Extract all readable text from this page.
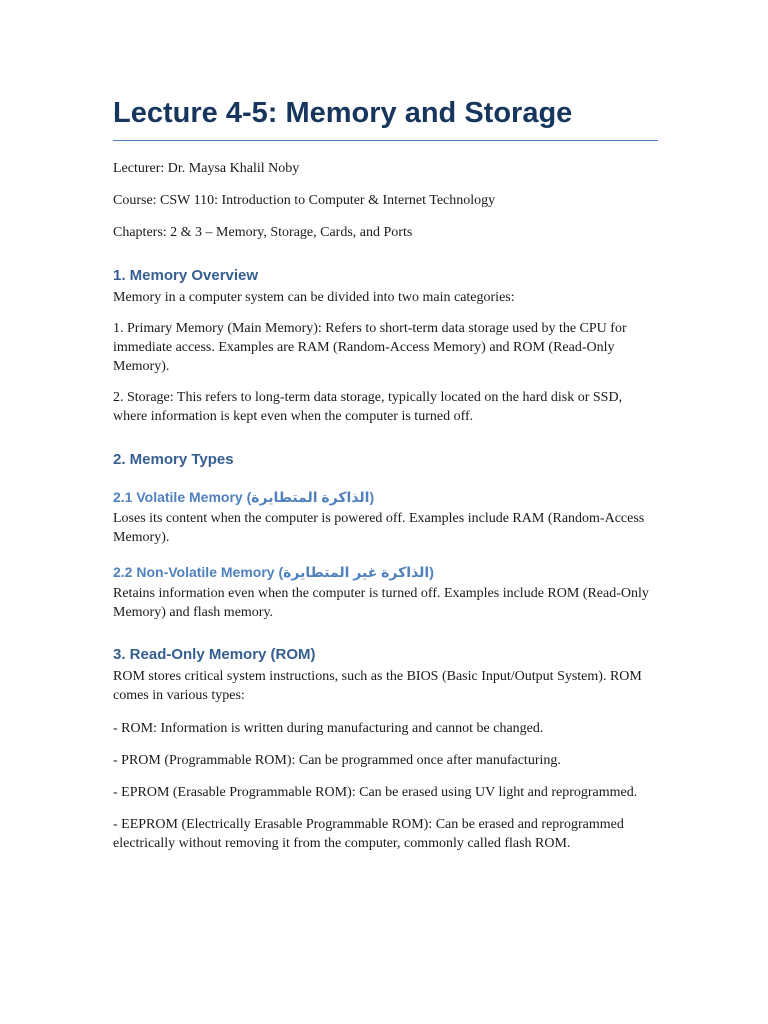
Lecture 4-5: Memory and Storage

Lecturer: Dr. Maysa Khalil Noby

Course: CSW 110: Introduction to Computer & Internet Technology

Chapters: 2 & 3 – Memory, Storage, Cards, and Ports

1. Memory Overview

Memory in a computer system can be divided into two main categories:

1. Primary Memory (Main Memory): Refers to short-term data storage used by the CPU for immediate access. Examples are RAM (Random-Access Memory) and ROM (Read-Only Memory).

2. Storage: This refers to long-term data storage, typically located on the hard disk or SSD, where information is kept even when the computer is turned off.

2. Memory Types
2.1 Volatile Memory (الذاكرة المتطايرة)

Loses its content when the computer is powered off. Examples include RAM (Random-Access Memory).

2.2 Non-Volatile Memory (الذاكرة غير المتطايرة)

Retains information even when the computer is turned off. Examples include ROM (Read-Only Memory) and flash memory.

3. Read-Only Memory (ROM)

ROM stores critical system instructions, such as the BIOS (Basic Input/Output System). ROM comes in various types:

- ROM: Information is written during manufacturing and cannot be changed.

- PROM (Programmable ROM): Can be programmed once after manufacturing.

- EPROM (Erasable Programmable ROM): Can be erased using UV light and reprogrammed.

- EEPROM (Electrically Erasable Programmable ROM): Can be erased and reprogrammed electrically without removing it from the computer, commonly called flash ROM.
